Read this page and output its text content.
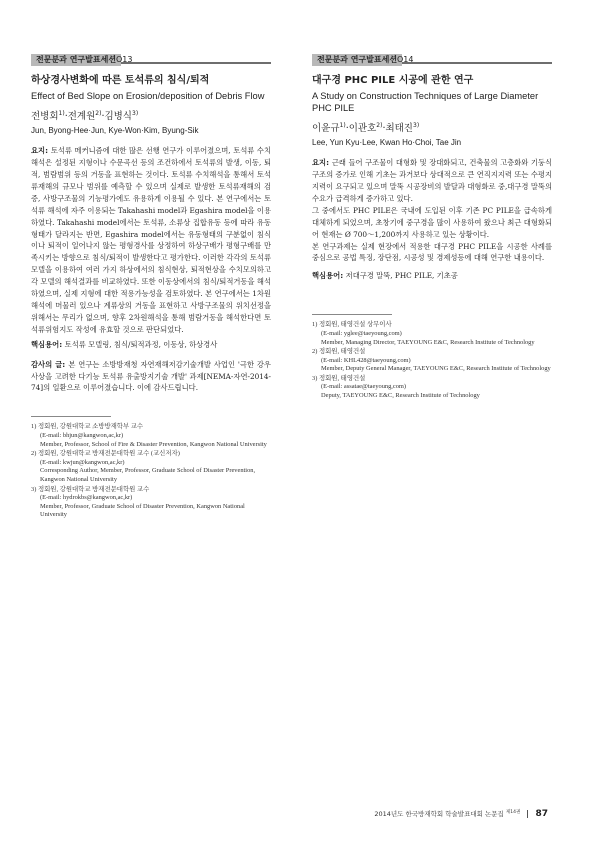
전문분과 연구발표세션 O13
하상경사변화에 따른 토석류의 침식/퇴적

Effect of Bed Slope on Erosion/deposition of Debris Flow

전병회$^{1)}$·전계원$^{2)}$·김병식$^{3)}$

Jun, Byong-Hee·Jun, Kye-Won·Kim, Byung-Sik

요지: 토석류 메커니즘에 대한 많은 선행 연구가 이루어졌으며, 토석류 수치해석은 설정된 지형이나 수문곡선 등의 조건하에서 토석류의 발생, 이동, 퇴적, 범람범위 등의 거동을 표현하는 것이다. 토석류 수치해석을 통해서 토석류재해의 규모나 범위를 예측할 수 있으며 실제로 발생한 토석류재해의 검증, 사방구조물의 기능평가에도 유용하게 이용될 수 있다. 본 연구에서는 토석류 해석에 자주 이용되는 Takahashi model과 Egashira model을 이용하였다. Takahashi model에서는 토석류, 소류상 집합유동 등에 따라 유동형태가 달라지는 반면, Egashira model에서는 유동형태의 구분없이 침식이나 퇴적이 일어나지 않는 평형경사를 상정하여 하상구배가 평형구배를 만족시키는 방향으로 침식/퇴적이 발생한다고 평가한다. 이러한 각각의 토석류 모델을 이용하여 여러 가지 하상에서의 침식현상, 퇴적현상을 수치모의하고 각 모델의 해석결과를 비교하였다. 또한 이동상에서의 침식/퇴적거동을 해석하였으며, 실제 지형에 대한 적용가능성을 검토하였다. 본 연구에서는 1차원해석에 머물러 있으나 계류상의 거동을 표현하고 사방구조물의 위치선정을 위해서는 무리가 없으며, 향후 2차원해석을 통해 범람거동을 해석한다면 토석류위험지도 작성에 유효할 것으로 판단되었다.

핵심용어: 토석류 모델링, 침식/퇴적과정, 이동상, 하상경사

감사의 글: 본 연구는 소방방재청 자연재해저감기술개발 사업인 '극한 강우사상을 고려한 다기능 토석류 유출방지기술 개발' 과제[NEMA-자연-2014-74]의 일환으로 이루어졌습니다. 이에 감사드립니다.

1) 정회원, 강원대학교 소방방재학부 교수
(E-mail: bhjun@kangwon,ac,kr)
Member, Professor, School of Fire & Disaster Prevention, Kangwon National University
2) 정회원, 강원대학교 방재전문대학원 교수 (교신저자)
(E-mail: kwjun@kangwon,ac,kr)
Corresponding Author, Member, Professor, Graduate School of Disaster Prevention, Kangwon National University
3) 정회원, 강원대학교 방재전문대학원 교수
(E-mail: hydrokbs@kangwon,ac,kr)
Member, Professor, Graduate School of Disaster Prevention, Kangwon National University
전문분과 연구발표세션 O14
대구경 PHC PILE 시공에 관한 연구

A Study on Construction Techniques of Large Diameter PHC PILE

이윤규$^{1)}$·이관호$^{2)}$·최태진$^{3)}$

Lee, Yun Kyu·Lee, Kwan Ho·Choi, Tae Jin

요지: 근래 들어 구조물이 대형화 및 장대화되고, 건축물의 고층화와 기둥식 구조의 증가로 인해 기초는 과거보다 상대적으로 큰 연직지지력 또는 수평지지력이 요구되고 있으며 말뚝 시공장비의 발달과 대형화로 중,대구경 말뚝의 수요가 급격하게 증가하고 있다.

그 중에서도 PHC PILE은 국내에 도입된 이후 기존 PC PILE을 급속하게 대체하게 되었으며, 초창기에 중구경을 많이 사용하여 왔으나 최근 대형화되어 현재는 Ø 700～1,200까지 사용하고 있는 상황이다.

본 연구과제는 실제 현장에서 적용한 대구경 PHC PILE을 시공한 사례를 중심으로 공법 특징, 장단점, 시공성 및 경제성등에 대해 연구한 내용이다.

핵심용어: 저대구경 말뚝, PHC PILE, 기초공
1) 정회원, 태영건설 상무이사
(E-mail: yglee@taeyoung,com)
Member, Managing Director, TAEYOUNG E&C, Research Institute of Technology
2) 정회원, 태영건설
(E-mail: KHL428@taeyoung,com)
Member, Deputy General Manager, TAEYOUNG E&C, Research Institute of Technology
3) 정회원, 태영건설
(E-mail: assatae@taeyoung,com)
Deputy, TAEYOUNG E&C, Research Institute of Technology
2014년도 한국방재학회 학술발표대회 논문집 $^{제14권}$ 87
